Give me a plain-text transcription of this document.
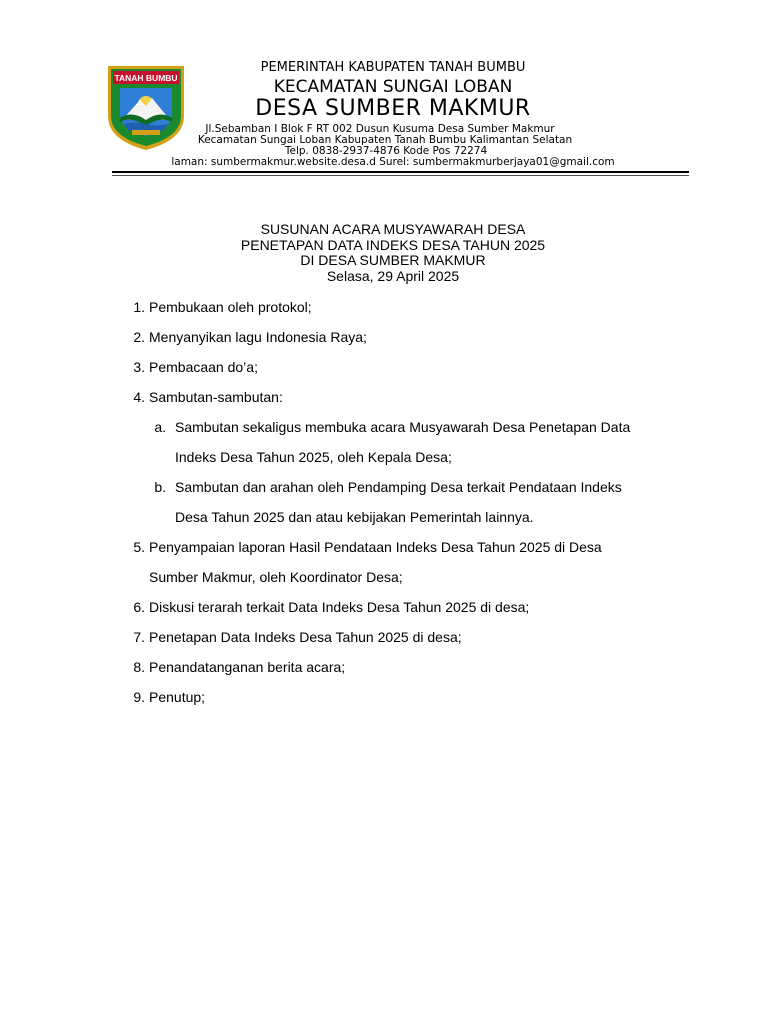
TANAH BUMBU
PEMERINTAH KABUPATEN TANAH BUMBU
KECAMATAN SUNGAI LOBAN
DESA SUMBER MAKMUR
Jl.Sebamban I Blok F RT 002 Dusun Kusuma Desa Sumber Makmur
Kecamatan Sungai Loban Kabupaten Tanah Bumbu Kalimantan Selatan
Telp. 0838-2937-4876 Kode Pos 72274
laman: sumbermakmur.website.desa.d Surel: sumbermakmurberjaya01@gmail.com
SUSUNAN ACARA MUSYAWARAH DESA
PENETAPAN DATA INDEKS DESA TAHUN 2025
DI DESA SUMBER MAKMUR
Selasa, 29 April 2025
1. Pembukaan oleh protokol;
2. Menyanyikan lagu Indonesia Raya;
3. Pembacaan do’a;
4. Sambutan-sambutan:
a. Sambutan sekaligus membuka acara Musyawarah Desa Penetapan Data
Indeks Desa Tahun 2025, oleh Kepala Desa;
b. Sambutan dan arahan oleh Pendamping Desa terkait Pendataan Indeks
Desa Tahun 2025 dan atau kebijakan Pemerintah lainnya.
5. Penyampaian laporan Hasil Pendataan Indeks Desa Tahun 2025 di Desa
Sumber Makmur, oleh Koordinator Desa;
6. Diskusi terarah terkait Data Indeks Desa Tahun 2025 di desa;
7. Penetapan Data Indeks Desa Tahun 2025 di desa;
8. Penandatanganan berita acara;
9. Penutup;
